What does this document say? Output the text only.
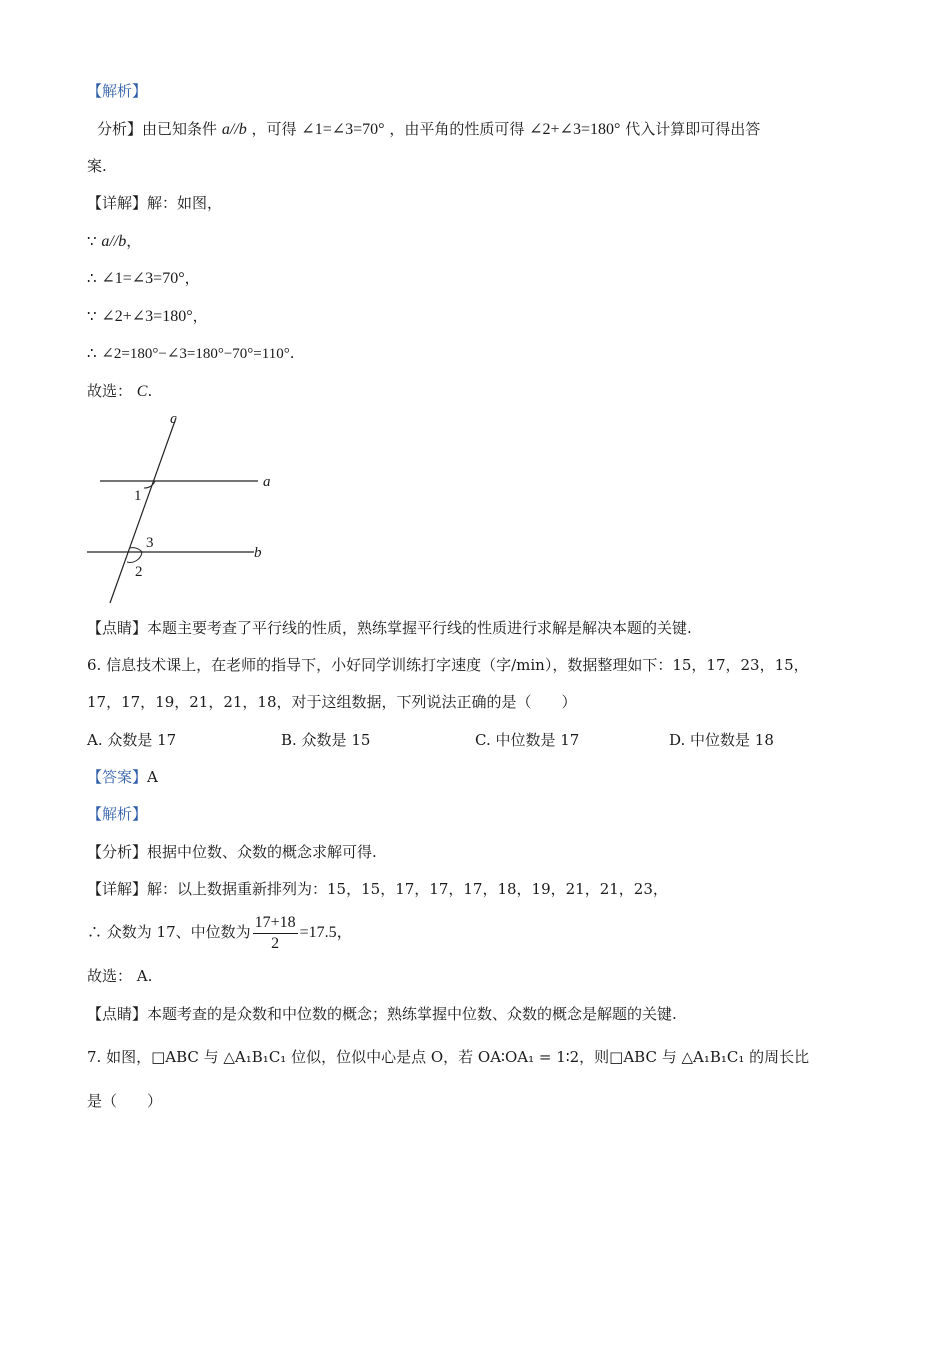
【解析】
分析】由已知条件 a//b ，可得 ∠1=∠3=70° ，由平角的性质可得 ∠2+∠3=180° 代入计算即可得出答
案.
【详解】解：如图，
∵ a//b，
∴ ∠1=∠3=70°，
∵ ∠2+∠3=180°，
∴ ∠2=180°−∠3=180°−70°=110°.
故选： C.
c
a
b
1
3
2
【点睛】本题主要考查了平行线的性质，熟练掌握平行线的性质进行求解是解决本题的关键.
6. 信息技术课上，在老师的指导下，小好同学训练打字速度（字/min），数据整理如下：15，17，23，15，
17，17，19，21，21，18，对于这组数据，下列说法正确的是（　　）
A. 众数是 17	B. 众数是 15	C. 中位数是 17	D. 中位数是 18
【答案】A
【解析】
【分析】根据中位数、众数的概念求解可得.
【详解】解：以上数据重新排列为：15，15，17，17，17，18，19，21，21，23，
∴ 众数为 17、中位数为 $\frac{17+18}{2} =17.5$，
故选： A.
【点睛】本题考查的是众数和中位数的概念；熟练掌握中位数、众数的概念是解题的关键.
7. 如图，□ABC 与 △A₁B₁C₁ 位似，位似中心是点 O，若 OA∶OA₁ = 1∶2，则□ABC 与 △A₁B₁C₁ 的周长比
是（　　）
